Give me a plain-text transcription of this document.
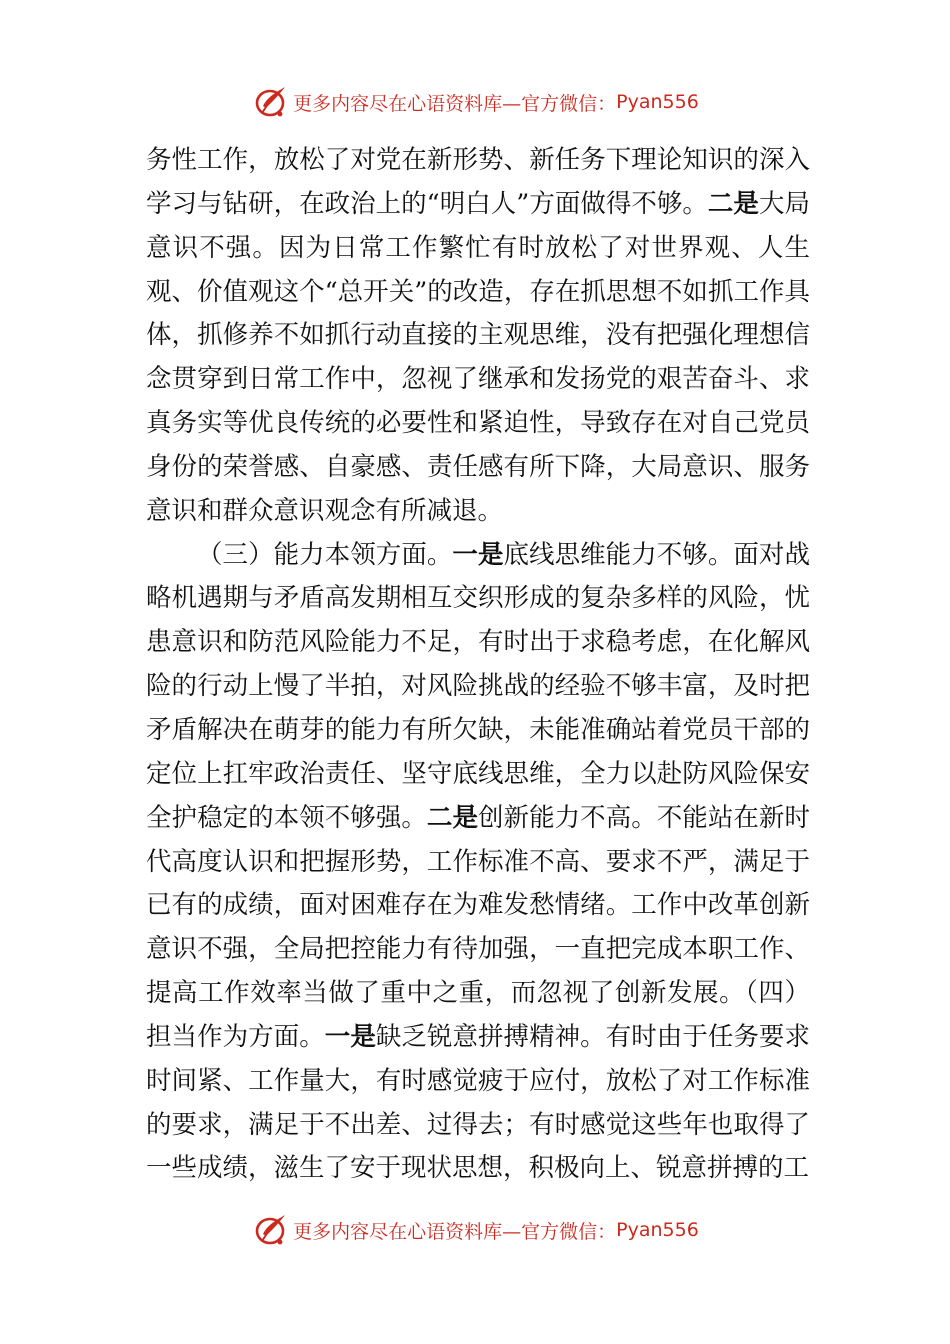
更多内容尽在心语资料库—官方微信： Pyan556

务性工作，放松了对党在新形势、新任务下理论知识的深入学习与钻研，在政治上的“明白人”方面做得不够。二是大局意识不强。因为日常工作繁忙有时放松了对世界观、人生观、价值观这个“总开关”的改造，存在抓思想不如抓工作具体，抓修养不如抓行动直接的主观思维，没有把强化理想信念贯穿到日常工作中，忽视了继承和发扬党的艰苦奋斗、求真务实等优良传统的必要性和紧迫性，导致存在对自己党员身份的荣誉感、自豪感、责任感有所下降，大局意识、服务意识和群众意识观念有所减退。

（三）能力本领方面。一是底线思维能力不够。面对战略机遇期与矛盾高发期相互交织形成的复杂多样的风险，忧患意识和防范风险能力不足，有时出于求稳考虑，在化解风险的行动上慢了半拍，对风险挑战的经验不够丰富，及时把矛盾解决在萌芽的能力有所欠缺，未能准确站着党员干部的定位上扛牢政治责任、坚守底线思维，全力以赴防风险保安全护稳定的本领不够强。二是创新能力不高。不能站在新时代高度认识和把握形势，工作标准不高、要求不严，满足于已有的成绩，面对困难存在为难发愁情绪。工作中改革创新意识不强，全局把控能力有待加强，一直把完成本职工作、提高工作效率当做了重中之重，而忽视了创新发展。（四）担当作为方面。一是缺乏锐意拼搏精神。有时由于任务要求时间紧、工作量大，有时感觉疲于应付，放松了对工作标准的要求，满足于不出差、过得去；有时感觉这些年也取得了一些成绩，滋生了安于现状思想，积极向上、锐意拼搏的工

更多内容尽在心语资料库—官方微信： Pyan556
